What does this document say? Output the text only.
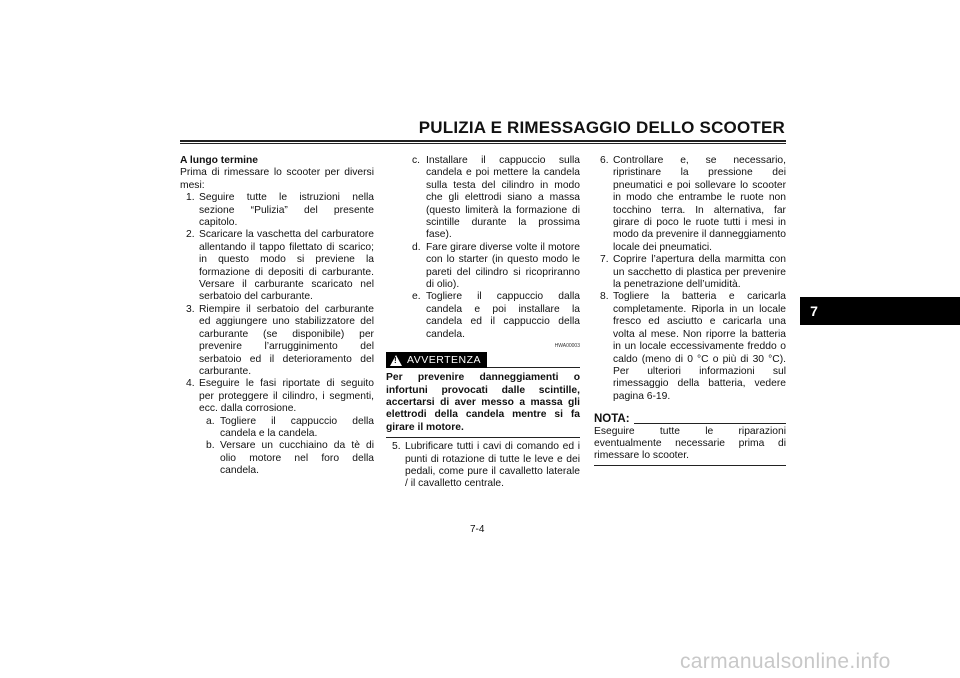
PULIZIA E RIMESSAGGIO DELLO SCOOTER

A lungo termine

Prima di rimessare lo scooter per diversi mesi:

1. Seguire tutte le istruzioni nella sezione “Pulizia” del presente capitolo.
2. Scaricare la vaschetta del carburatore allentando il tappo filettato di scarico; in questo modo si previene la formazione di depositi di carburante. Versare il carburante scaricato nel serbatoio del carburante.
3. Riempire il serbatoio del carburante ed aggiungere uno stabilizzatore del carburante (se disponibile) per prevenire l’arrugginimento del serbatoio ed il deterioramento del carburante.
4. Eseguire le fasi riportate di seguito per proteggere il cilindro, i segmenti, ecc. dalla corrosione.
a. Togliere il cappuccio della candela e la candela.
b. Versare un cucchiaino da tè di olio motore nel foro della candela.
c. Installare il cappuccio sulla candela e poi mettere la candela sulla testa del cilindro in modo che gli elettrodi siano a massa (questo limiterà la formazione di scintille durante la prossima fase).
d. Fare girare diverse volte il motore con lo starter (in questo modo le pareti del cilindro si ricopriranno di olio).
e. Togliere il cappuccio dalla candela e poi installare la candela ed il cappuccio della candela.
HWA00003
! AVVERTENZA
Per prevenire danneggiamenti o infortuni provocati dalle scintille, accertarsi di aver messo a massa gli elettrodi della candela mentre si fa girare il motore.
5. Lubrificare tutti i cavi di comando ed i punti di rotazione di tutte le leve e dei pedali, come pure il cavalletto laterale / il cavalletto centrale.
6. Controllare e, se necessario, ripristinare la pressione dei pneumatici e poi sollevare lo scooter in modo che entrambe le ruote non tocchino terra. In alternativa, far girare di poco le ruote tutti i mesi in modo da prevenire il danneggiamento locale dei pneumatici.
7. Coprire l’apertura della marmitta con un sacchetto di plastica per prevenire la penetrazione dell’umidità.
8. Togliere la batteria e caricarla completamente. Riporla in un locale fresco ed asciutto e caricarla una volta al mese. Non riporre la batteria in un locale eccessivamente freddo o caldo (meno di 0 °C o più di 30 °C). Per ulteriori informazioni sul rimessaggio della batteria, vedere pagina 6-19.
NOTA:
Eseguire tutte le riparazioni eventualmente necessarie prima di rimessare lo scooter.
7
7-4
carmanualsonline.info
